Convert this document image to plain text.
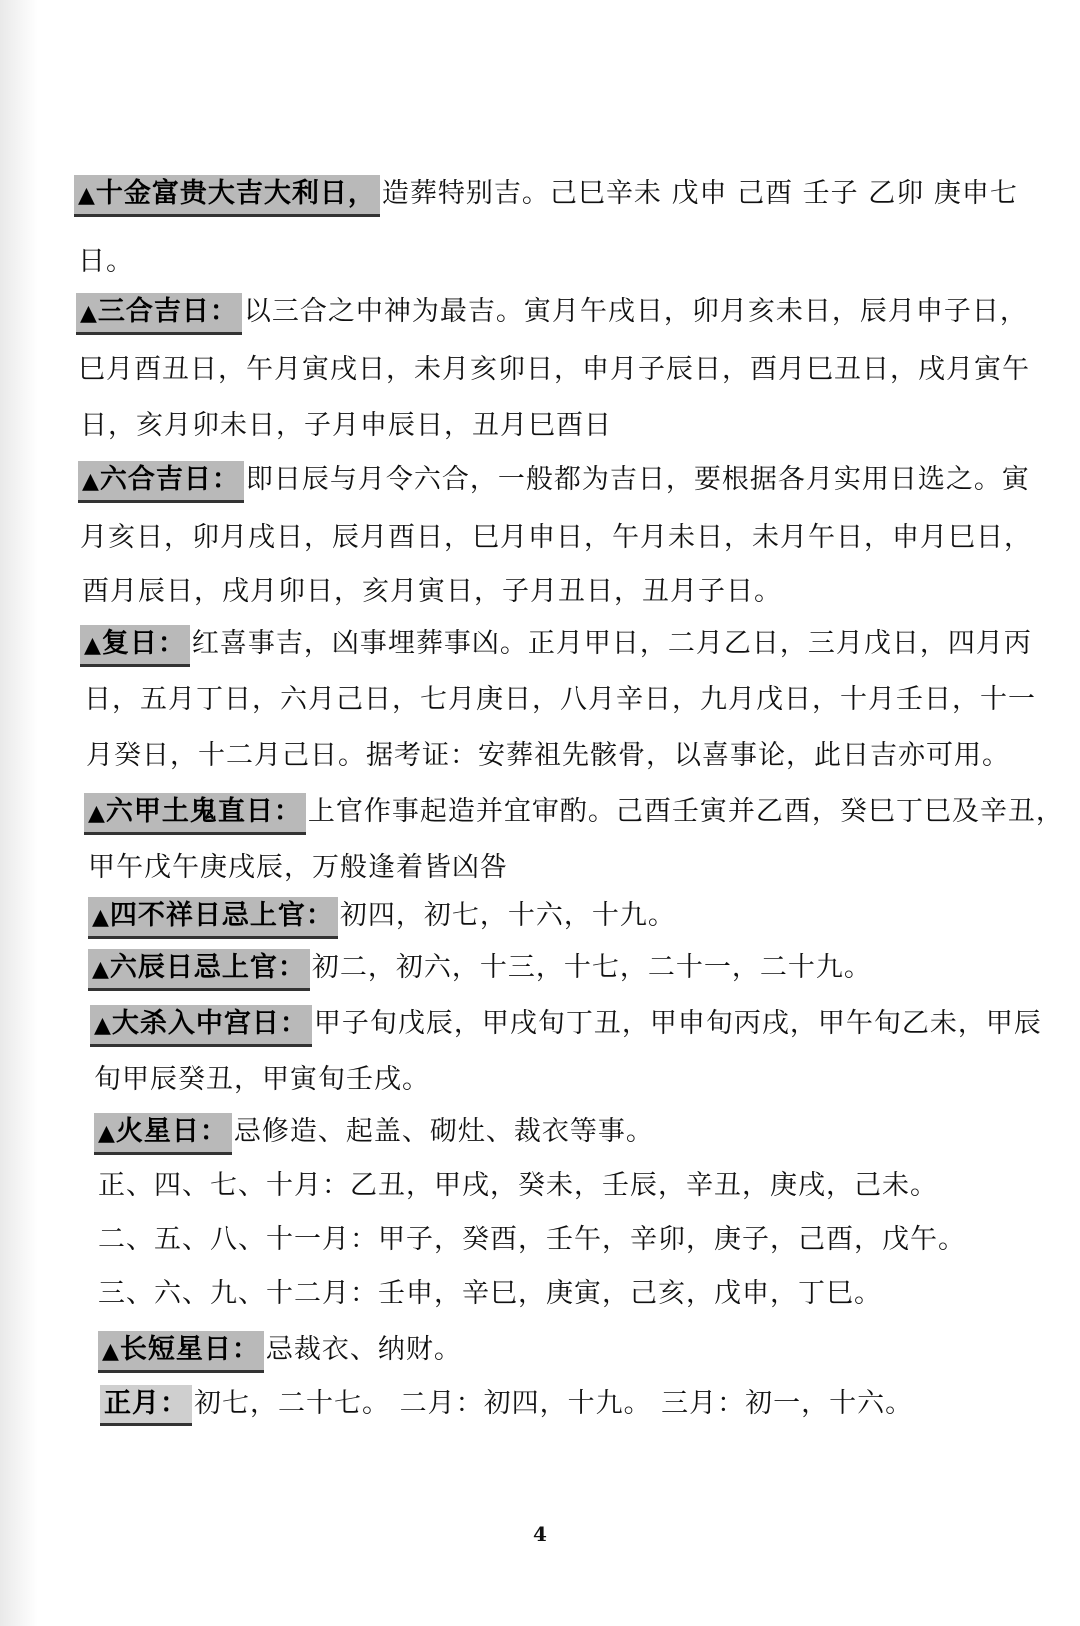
▲十金富贵大吉大利日， 造葬特别吉。己巳辛未 戊申 己酉 壬子 乙卯 庚申七
日。
▲三合吉日： 以三合之中神为最吉。寅月午戌日，卯月亥未日，辰月申子日，
巳月酉丑日，午月寅戌日，未月亥卯日，申月子辰日，酉月巳丑日，戌月寅午
日，亥月卯未日，子月申辰日，丑月巳酉日
▲六合吉日： 即日辰与月令六合，一般都为吉日，要根据各月实用日选之。寅
月亥日，卯月戌日，辰月酉日，巳月申日，午月未日，未月午日，申月巳日，
酉月辰日，戌月卯日，亥月寅日，子月丑日，丑月子日。
▲复日： 红喜事吉，凶事埋葬事凶。正月甲日，二月乙日，三月戊日，四月丙
日，五月丁日，六月己日，七月庚日，八月辛日，九月戊日，十月壬日，十一
月癸日，十二月己日。据考证：安葬祖先骸骨，以喜事论，此日吉亦可用。
▲六甲土鬼直日： 上官作事起造并宜审酌。己酉壬寅并乙酉，癸巳丁巳及辛丑，
甲午戊午庚戌辰，万般逢着皆凶咎
▲四不祥日忌上官： 初四，初七，十六，十九。
▲六辰日忌上官： 初二，初六，十三，十七，二十一，二十九。
▲大杀入中宫日： 甲子旬戊辰，甲戌旬丁丑，甲申旬丙戌，甲午旬乙未，甲辰
旬甲辰癸丑，甲寅旬壬戌。
▲火星日： 忌修造、起盖、砌灶、裁衣等事。
正、四、七、十月：乙丑，甲戌，癸未，壬辰，辛丑，庚戌，己未。
二、五、八、十一月：甲子，癸酉，壬午，辛卯，庚子，己酉，戊午。
三、六、九、十二月：壬申，辛巳，庚寅，己亥，戊申，丁巳。
▲长短星日： 忌裁衣、纳财。
正月： 初七，二十七。 二月：初四，十九。 三月：初一，十六。
4
